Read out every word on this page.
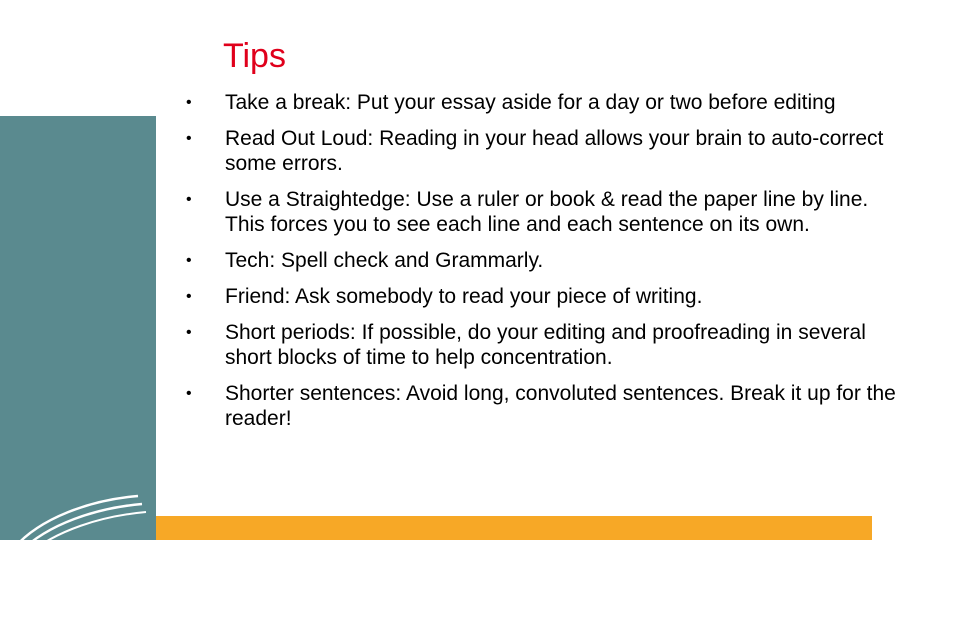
DCU
Ollscoil Chathair
Bhaile Átha Cliath
Dublin City University
Tips
• Take a break: Put your essay aside for a day or two before editing
• Read Out Loud: Reading in your head allows your brain to auto-correct some errors.
• Use a Straightedge: Use a ruler or book & read the paper line by line. This forces you to see each line and each sentence on its own.
• Tech: Spell check and Grammarly.
• Friend: Ask somebody to read your piece of writing.
• Short periods: If possible, do your editing and proofreading in several short blocks of time to help concentration.
• Shorter sentences: Avoid long, convoluted sentences. Break it up for the reader!
